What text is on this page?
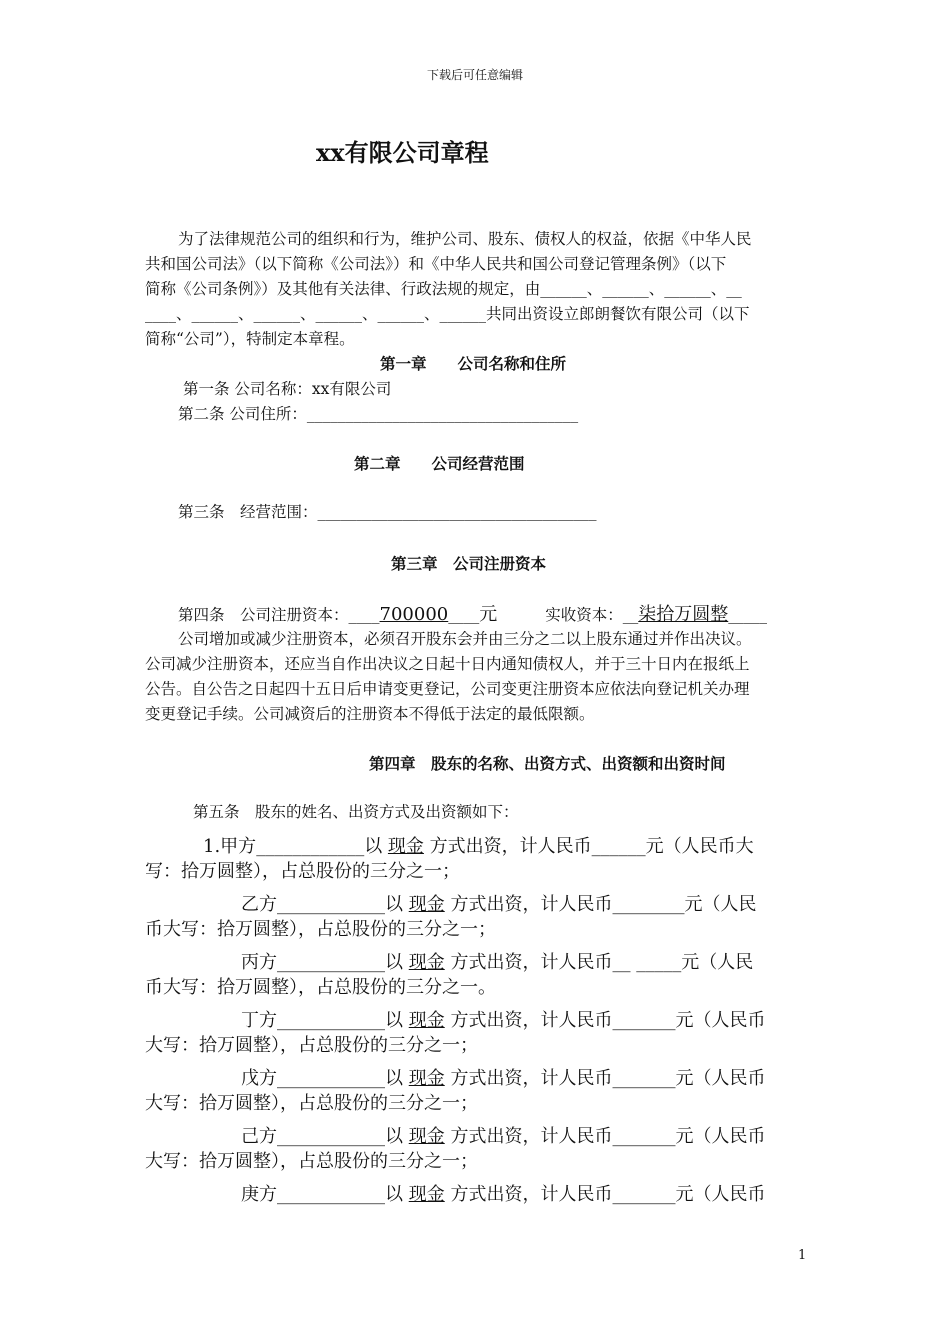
下载后可任意编辑
xx有限公司章程
为了法律规范公司的组织和行为，维护公司、股东、债权人的权益，依据《中华人民
共和国公司法》（以下简称《公司法》）和《中华人民共和国公司登记管理条例》（以下
简称《公司条例》）及其他有关法律、行政法规的规定，由______、______、______、__
____、______、______、______、______、______共同出资设立郎朗餐饮有限公司（以下
简称“公司”），特制定本章程。
第一章　　公司名称和住所
第一条 公司名称：xx有限公司
第二条 公司住所：___________________________________
第二章　　公司经营范围
第三条　经营范围：____________________________________
第三章　公司注册资本
第四条　公司注册资本：____700000____元	实收资本：__柒拾万圆整_____
公司增加或减少注册资本，必须召开股东会并由三分之二以上股东通过并作出决议。
公司减少注册资本，还应当自作出决议之日起十日内通知债权人，并于三十日内在报纸上
公告。自公告之日起四十五日后申请变更登记，公司变更注册资本应依法向登记机关办理
变更登记手续。公司减资后的注册资本不得低于法定的最低限额。
第四章　股东的名称、出资方式、出资额和出资时间
第五条　股东的姓名、出资方式及出资额如下：
1.甲方____________以 现金 方式出资，计人民币______元（人民币大
写：拾万圆整），占总股份的三分之一；
乙方____________以 现金 方式出资，计人民币________元（人民
币大写：拾万圆整），占总股份的三分之一；
丙方____________以 现金 方式出资，计人民币__ _____元（人民
币大写：拾万圆整），占总股份的三分之一。
丁方____________以 现金 方式出资，计人民币_______元（人民币
大写：拾万圆整），占总股份的三分之一；
戊方____________以 现金 方式出资，计人民币_______元（人民币
大写：拾万圆整），占总股份的三分之一；
己方____________以 现金 方式出资，计人民币_______元（人民币
大写：拾万圆整），占总股份的三分之一；
庚方____________以 现金 方式出资，计人民币_______元（人民币
1
